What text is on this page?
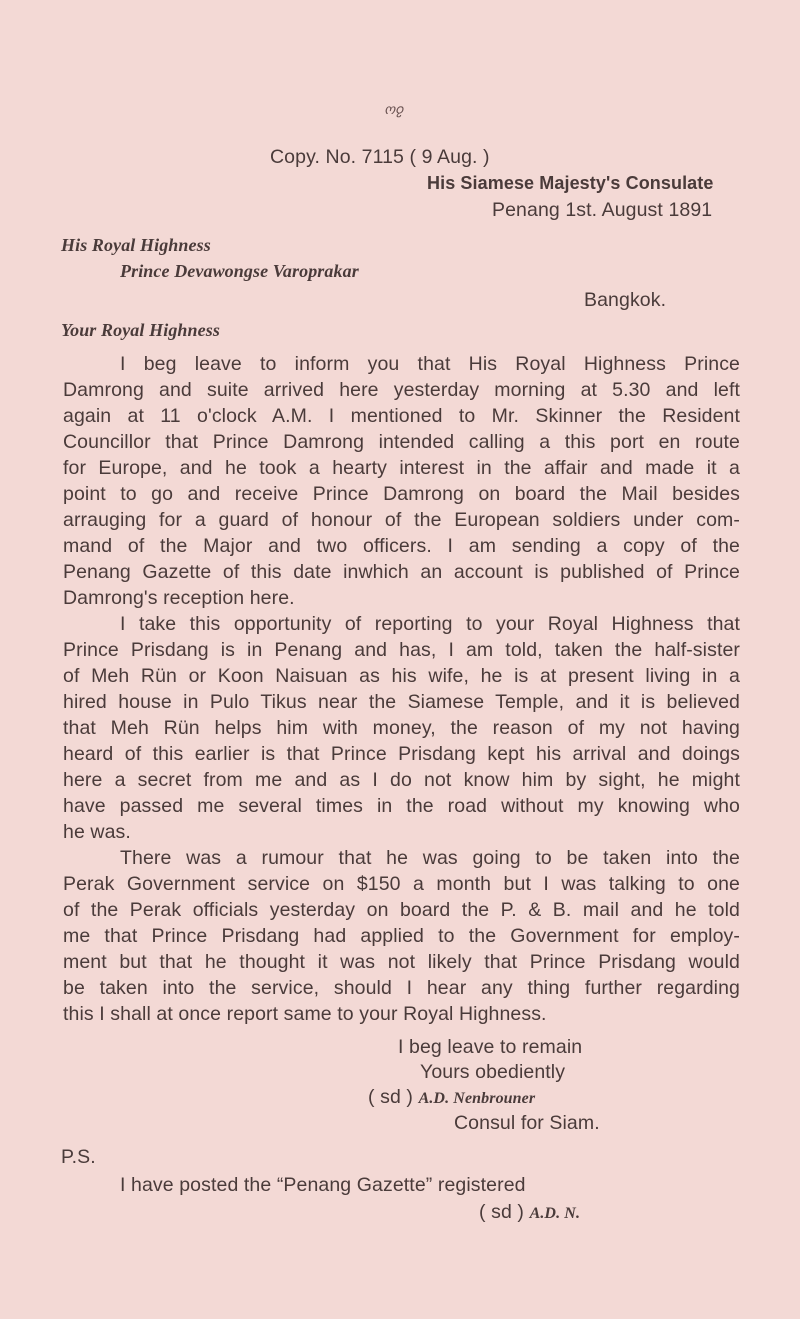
ოჹ
Copy. No. 7115 ( 9 Aug. )
His Siamese Majesty's Consulate
Penang 1st. August 1891
His Royal Highness
Prince Devawongse Varoprakar
Bangkok.
Your Royal Highness
I beg leave to inform you that His Royal Highness Prince
Damrong and suite arrived here yesterday morning at 5.30 and left
again at 11 o'clock A.M. I mentioned to Mr. Skinner the Resident
Councillor that Prince Damrong intended calling a this port en route
for Europe, and he took a hearty interest in the affair and made it a
point to go and receive Prince Damrong on board the Mail besides
arrauging for a guard of honour of the European soldiers under com-
mand of the Major and two officers. I am sending a copy of the
Penang Gazette of this date inwhich an account is published of Prince
Damrong's reception here.
I take this opportunity of reporting to your Royal Highness that
Prince Prisdang is in Penang and has, I am told, taken the half-sister
of Meh Rün or Koon Naisuan as his wife, he is at present living in a
hired house in Pulo Tikus near the Siamese Temple, and it is believed
that Meh Rün helps him with money, the reason of my not having
heard of this earlier is that Prince Prisdang kept his arrival and doings
here a secret from me and as I do not know him by sight, he might
have passed me several times in the road without my knowing who
he was.
There was a rumour that he was going to be taken into the
Perak Government service on $150 a month but I was talking to one
of the Perak officials yesterday on board the P. & B. mail and he told
me that Prince Prisdang had applied to the Government for employ-
ment but that he thought it was not likely that Prince Prisdang would
be taken into the service, should I hear any thing further regarding
this I shall at once report same to your Royal Highness.
I beg leave to remain
Yours obediently
( sd ) A.D. Nenbrouner
Consul for Siam.
P.S.
I have posted the “Penang Gazette” registered
( sd ) A.D. N.
